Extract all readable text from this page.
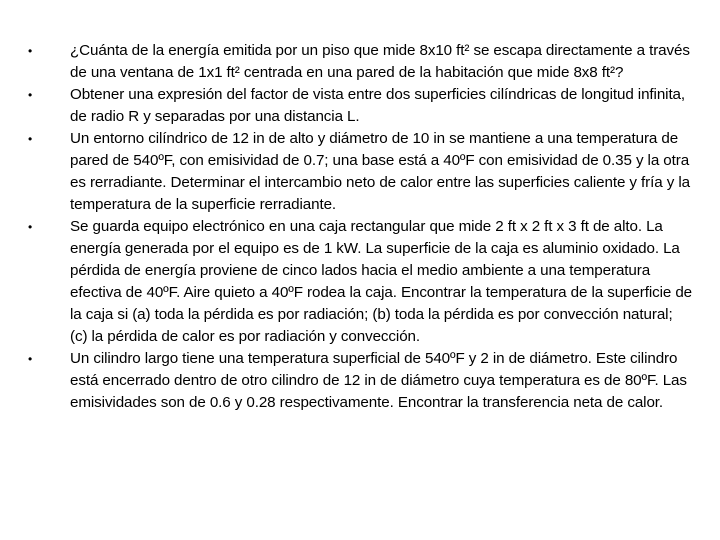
• ¿Cuánta de la energía emitida por un piso que mide 8x10 ft² se escapa directamente a través de una ventana de 1x1 ft² centrada en una pared de la habitación que mide 8x8 ft²?
• Obtener una expresión del factor de vista entre dos superficies cilíndricas de longitud infinita, de radio R y separadas por una distancia L.
• Un entorno cilíndrico de 12 in de alto y diámetro de 10 in se mantiene a una temperatura de pared de 540ºF, con emisividad de 0.7; una base está a 40ºF con emisividad de 0.35 y la otra es rerradiante. Determinar el intercambio neto de calor entre las superficies caliente y fría y la temperatura de la superficie rerradiante.
• Se guarda equipo electrónico en una caja rectangular que mide 2 ft x 2 ft x 3 ft de alto. La energía generada por el equipo es de 1 kW. La superficie de la caja es aluminio oxidado. La pérdida de energía proviene de cinco lados hacia el medio ambiente a una temperatura efectiva de 40ºF. Aire quieto a 40ºF rodea la caja. Encontrar la temperatura de la superficie de la caja si (a) toda la pérdida es por radiación; (b) toda la pérdida es por convección natural; (c) la pérdida de calor es por radiación y convección.
• Un cilindro largo tiene una temperatura superficial de 540ºF y 2 in de diámetro. Este cilindro está encerrado dentro de otro cilindro de 12 in de diámetro cuya temperatura es de 80ºF. Las emisividades son de 0.6 y 0.28 respectivamente. Encontrar la transferencia neta de calor.
